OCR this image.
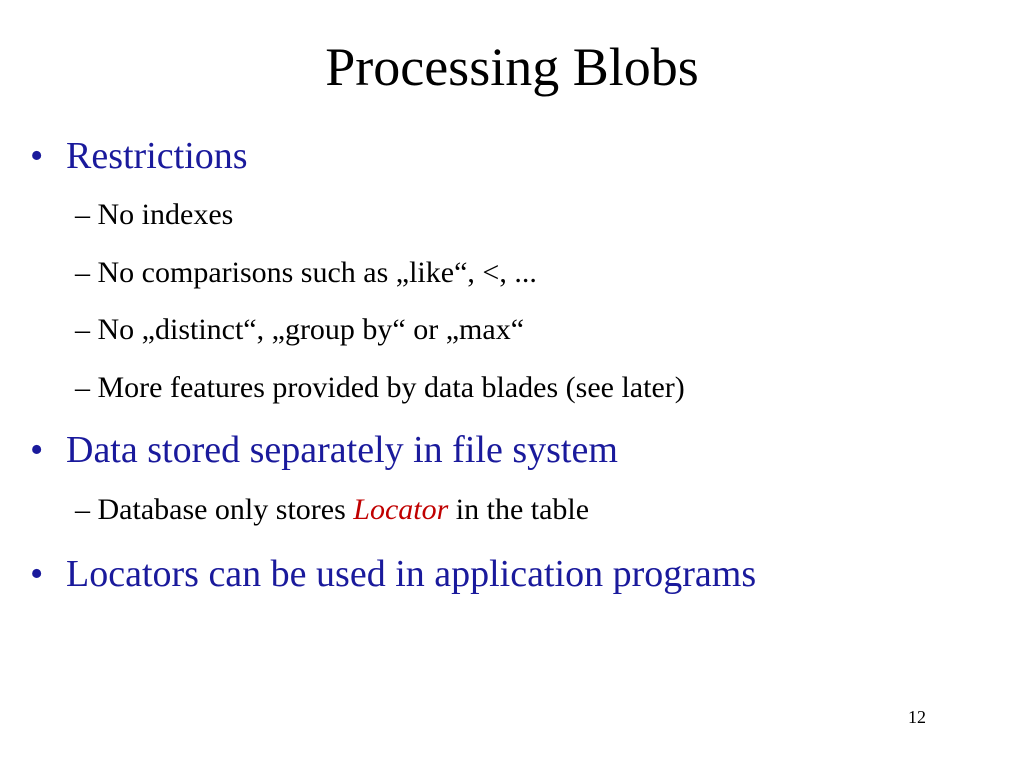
Processing Blobs
• Restrictions
– No indexes
– No comparisons such as „like“, <, ...
– No „distinct“, „group by“ or „max“
– More features provided by data blades (see later)
• Data stored separately in file system
– Database only stores Locator in the table
• Locators can be used in application programs
12
